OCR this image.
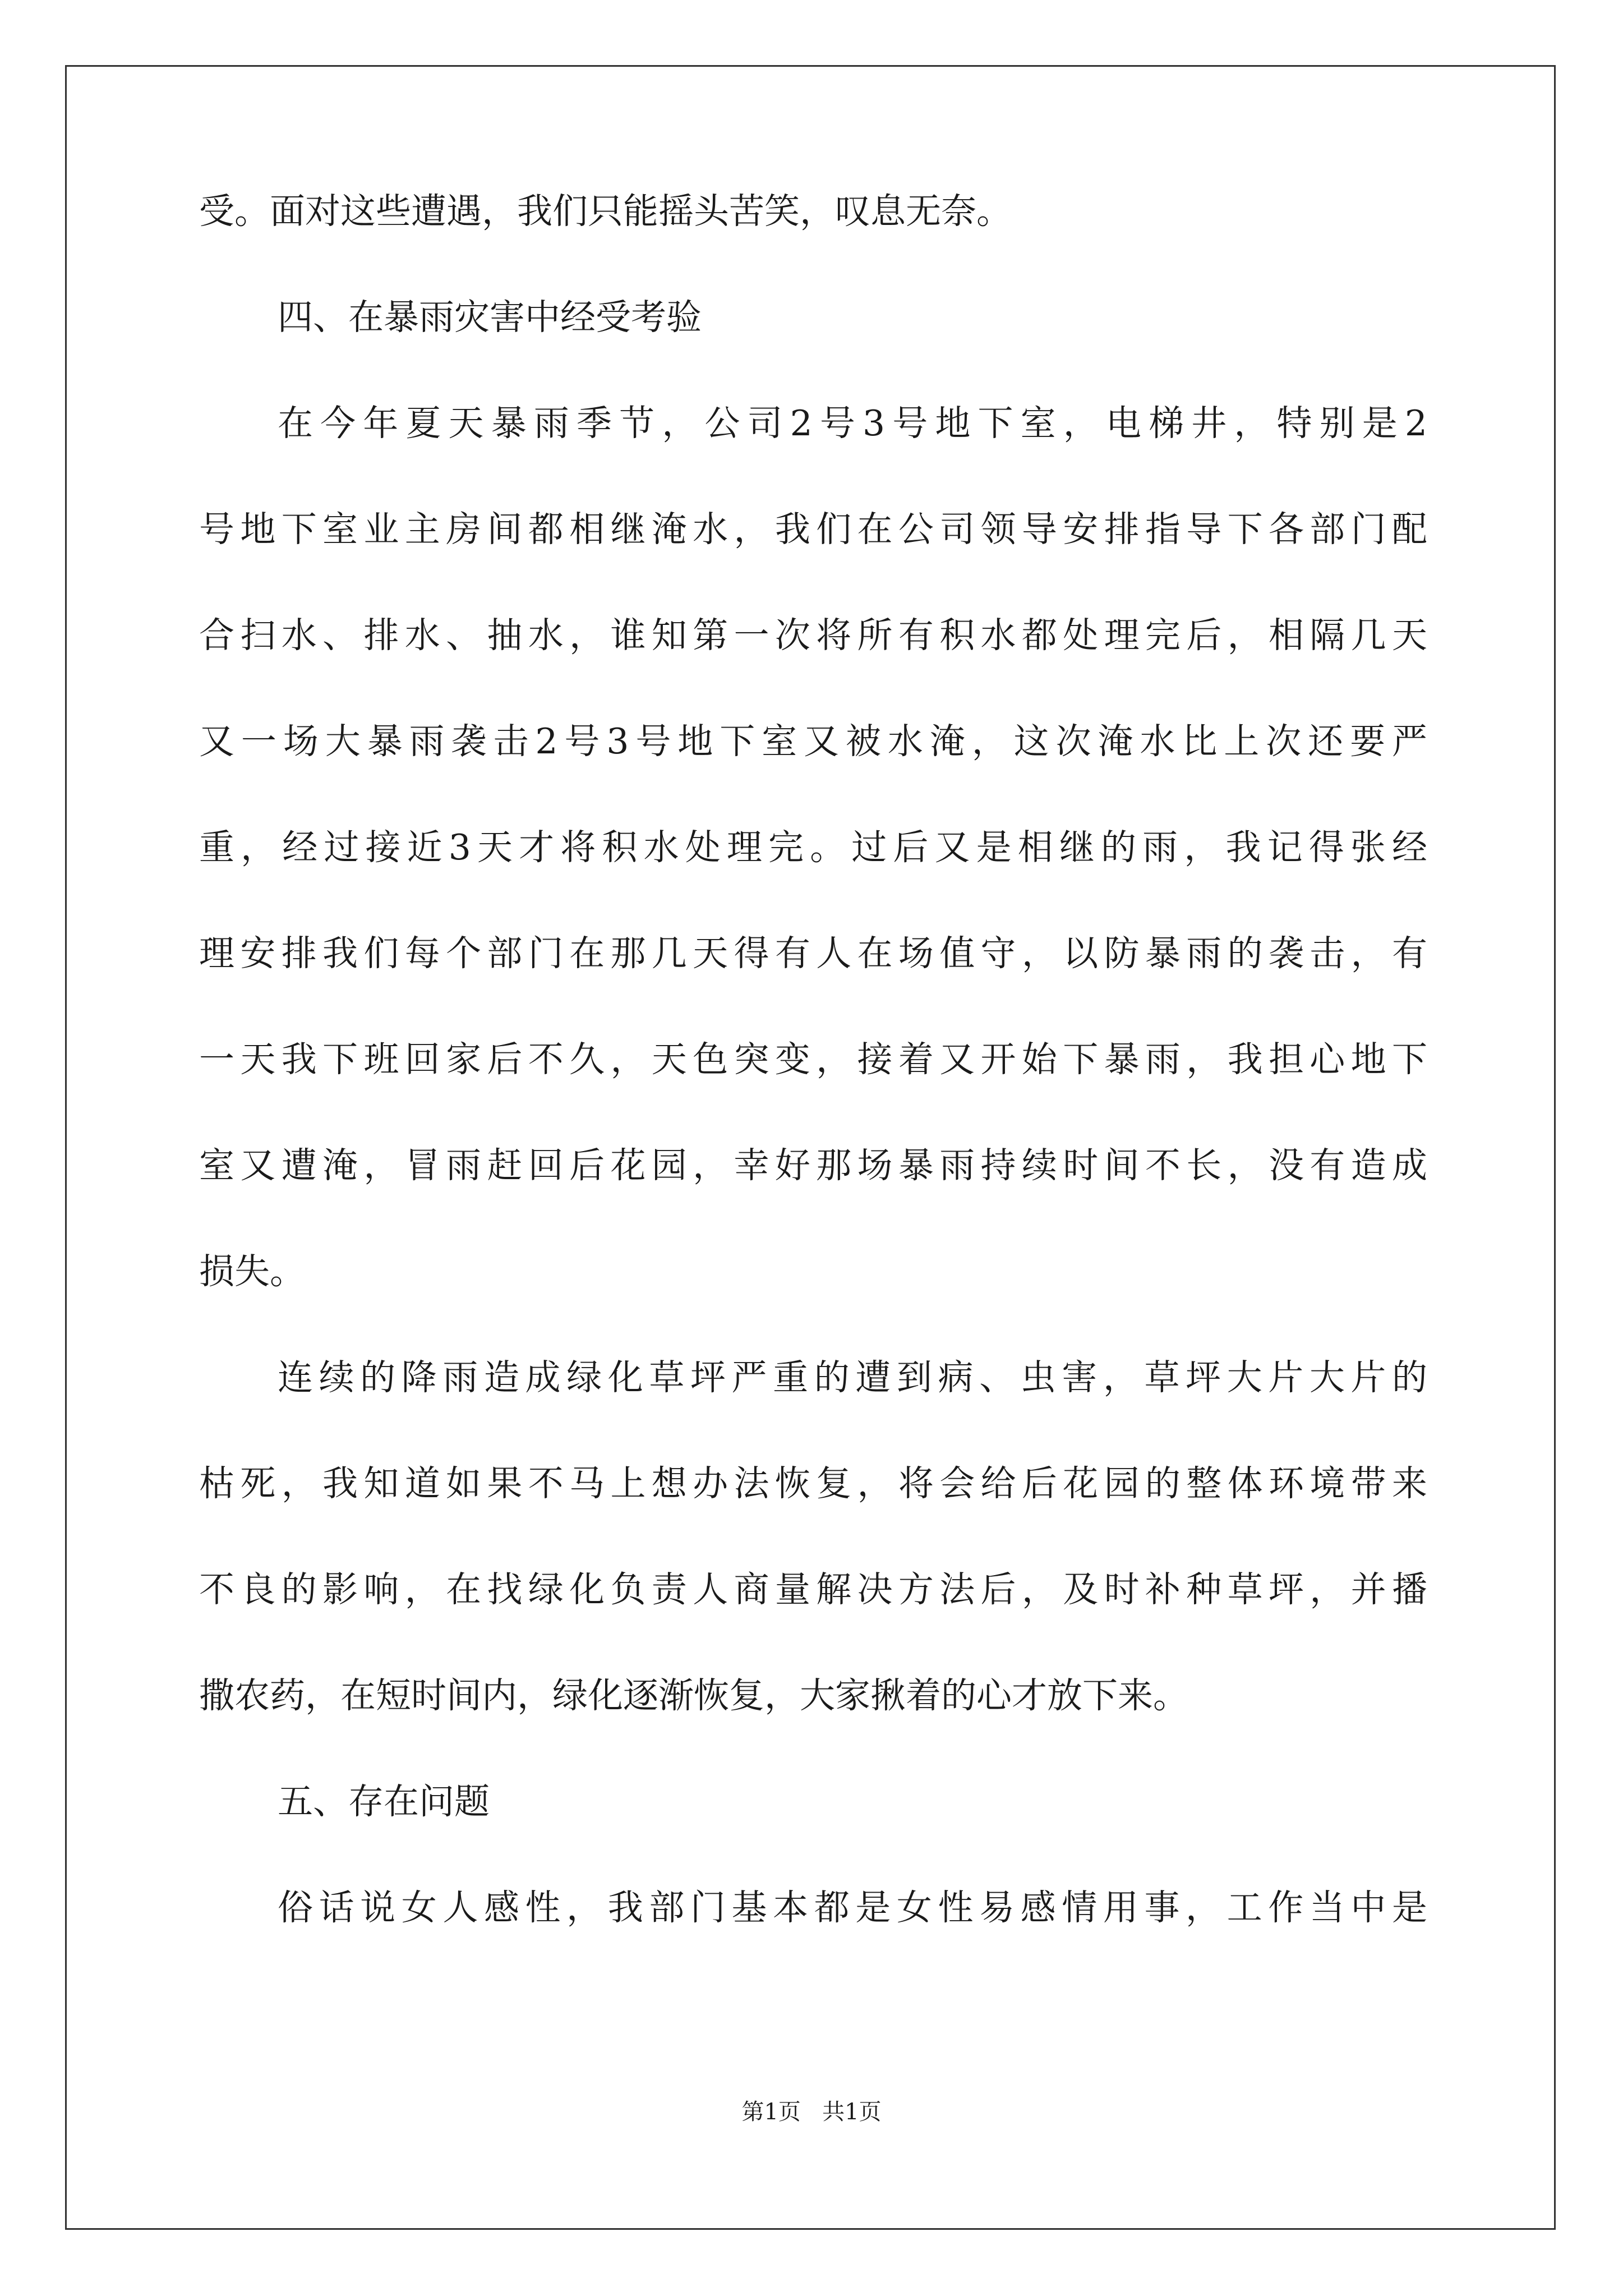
受。面对这些遭遇，我们只能摇头苦笑，叹息无奈。
四、在暴雨灾害中经受考验
在今年夏天暴雨季节，公司2号3号地下室，电梯井，特别是2
号地下室业主房间都相继淹水，我们在公司领导安排指导下各部门配
合扫水、排水、抽水，谁知第一次将所有积水都处理完后，相隔几天
又一场大暴雨袭击2号3号地下室又被水淹，这次淹水比上次还要严
重，经过接近3天才将积水处理完。过后又是相继的雨，我记得张经
理安排我们每个部门在那几天得有人在场值守，以防暴雨的袭击，有
一天我下班回家后不久，天色突变，接着又开始下暴雨，我担心地下
室又遭淹，冒雨赶回后花园，幸好那场暴雨持续时间不长，没有造成
损失。
连续的降雨造成绿化草坪严重的遭到病、虫害，草坪大片大片的
枯死，我知道如果不马上想办法恢复，将会给后花园的整体环境带来
不良的影响，在找绿化负责人商量解决方法后，及时补种草坪，并播
撒农药，在短时间内，绿化逐渐恢复，大家揪着的心才放下来。
五、存在问题
俗话说女人感性，我部门基本都是女性易感情用事，工作当中是
第1页 共1页
